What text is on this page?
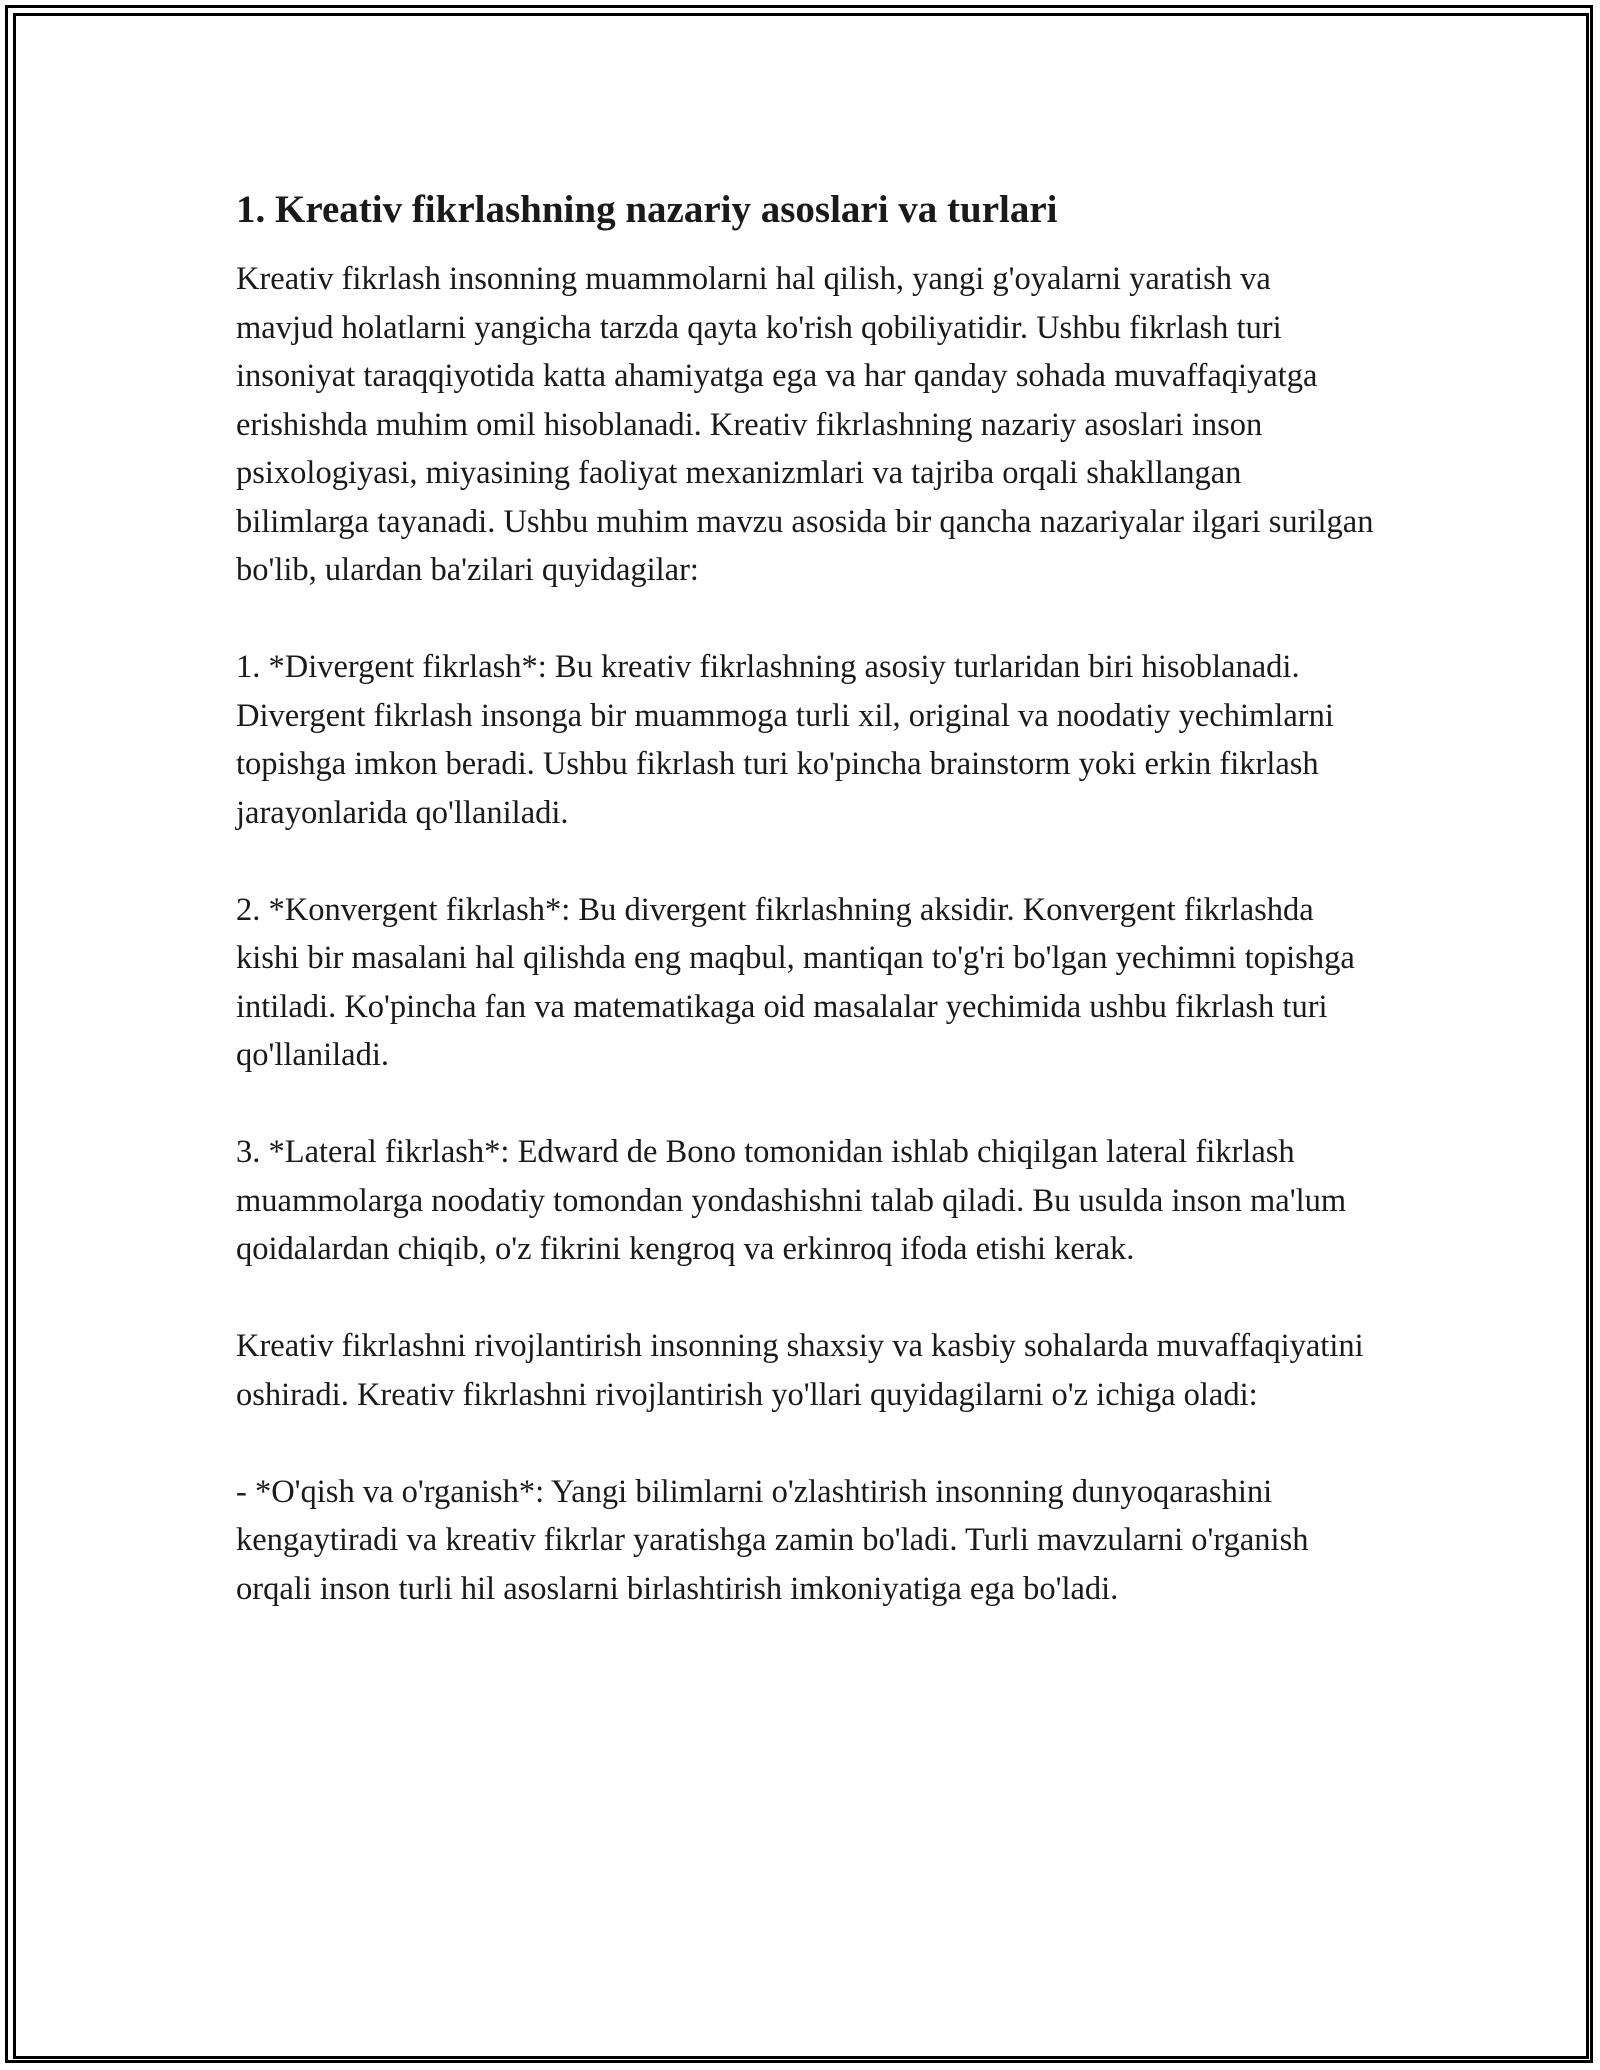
1. Kreativ fikrlashning nazariy asoslari va turlari

Kreativ fikrlash insonning muammolarni hal qilish, yangi g'oyalarni yaratish va mavjud holatlarni yangicha tarzda qayta ko'rish qobiliyatidir. Ushbu fikrlash turi insoniyat taraqqiyotida katta ahamiyatga ega va har qanday sohada muvaffaqiyatga erishishda muhim omil hisoblanadi. Kreativ fikrlashning nazariy asoslari inson psixologiyasi, miyasining faoliyat mexanizmlari va tajriba orqali shakllangan bilimlarga tayanadi. Ushbu muhim mavzu asosida bir qancha nazariyalar ilgari surilgan bo'lib, ulardan ba'zilari quyidagilar:

1. *Divergent fikrlash*: Bu kreativ fikrlashning asosiy turlaridan biri hisoblanadi. Divergent fikrlash insonga bir muammoga turli xil, original va noodatiy yechimlarni topishga imkon beradi. Ushbu fikrlash turi ko'pincha brainstorm yoki erkin fikrlash jarayonlarida qo'llaniladi.

2. *Konvergent fikrlash*: Bu divergent fikrlashning aksidir. Konvergent fikrlashda kishi bir masalani hal qilishda eng maqbul, mantiqan to'g'ri bo'lgan yechimni topishga intiladi. Ko'pincha fan va matematikaga oid masalalar yechimida ushbu fikrlash turi qo'llaniladi.

3. *Lateral fikrlash*: Edward de Bono tomonidan ishlab chiqilgan lateral fikrlash muammolarga noodatiy tomondan yondashishni talab qiladi. Bu usulda inson ma'lum qoidalardan chiqib, o'z fikrini kengroq va erkinroq ifoda etishi kerak.

Kreativ fikrlashni rivojlantirish insonning shaxsiy va kasbiy sohalarda muvaffaqiyatini oshiradi. Kreativ fikrlashni rivojlantirish yo'llari quyidagilarni o'z ichiga oladi:

- *O'qish va o'rganish*: Yangi bilimlarni o'zlashtirish insonning dunyoqarashini kengaytiradi va kreativ fikrlar yaratishga zamin bo'ladi. Turli mavzularni o'rganish orqali inson turli hil asoslarni birlashtirish imkoniyatiga ega bo'ladi.
